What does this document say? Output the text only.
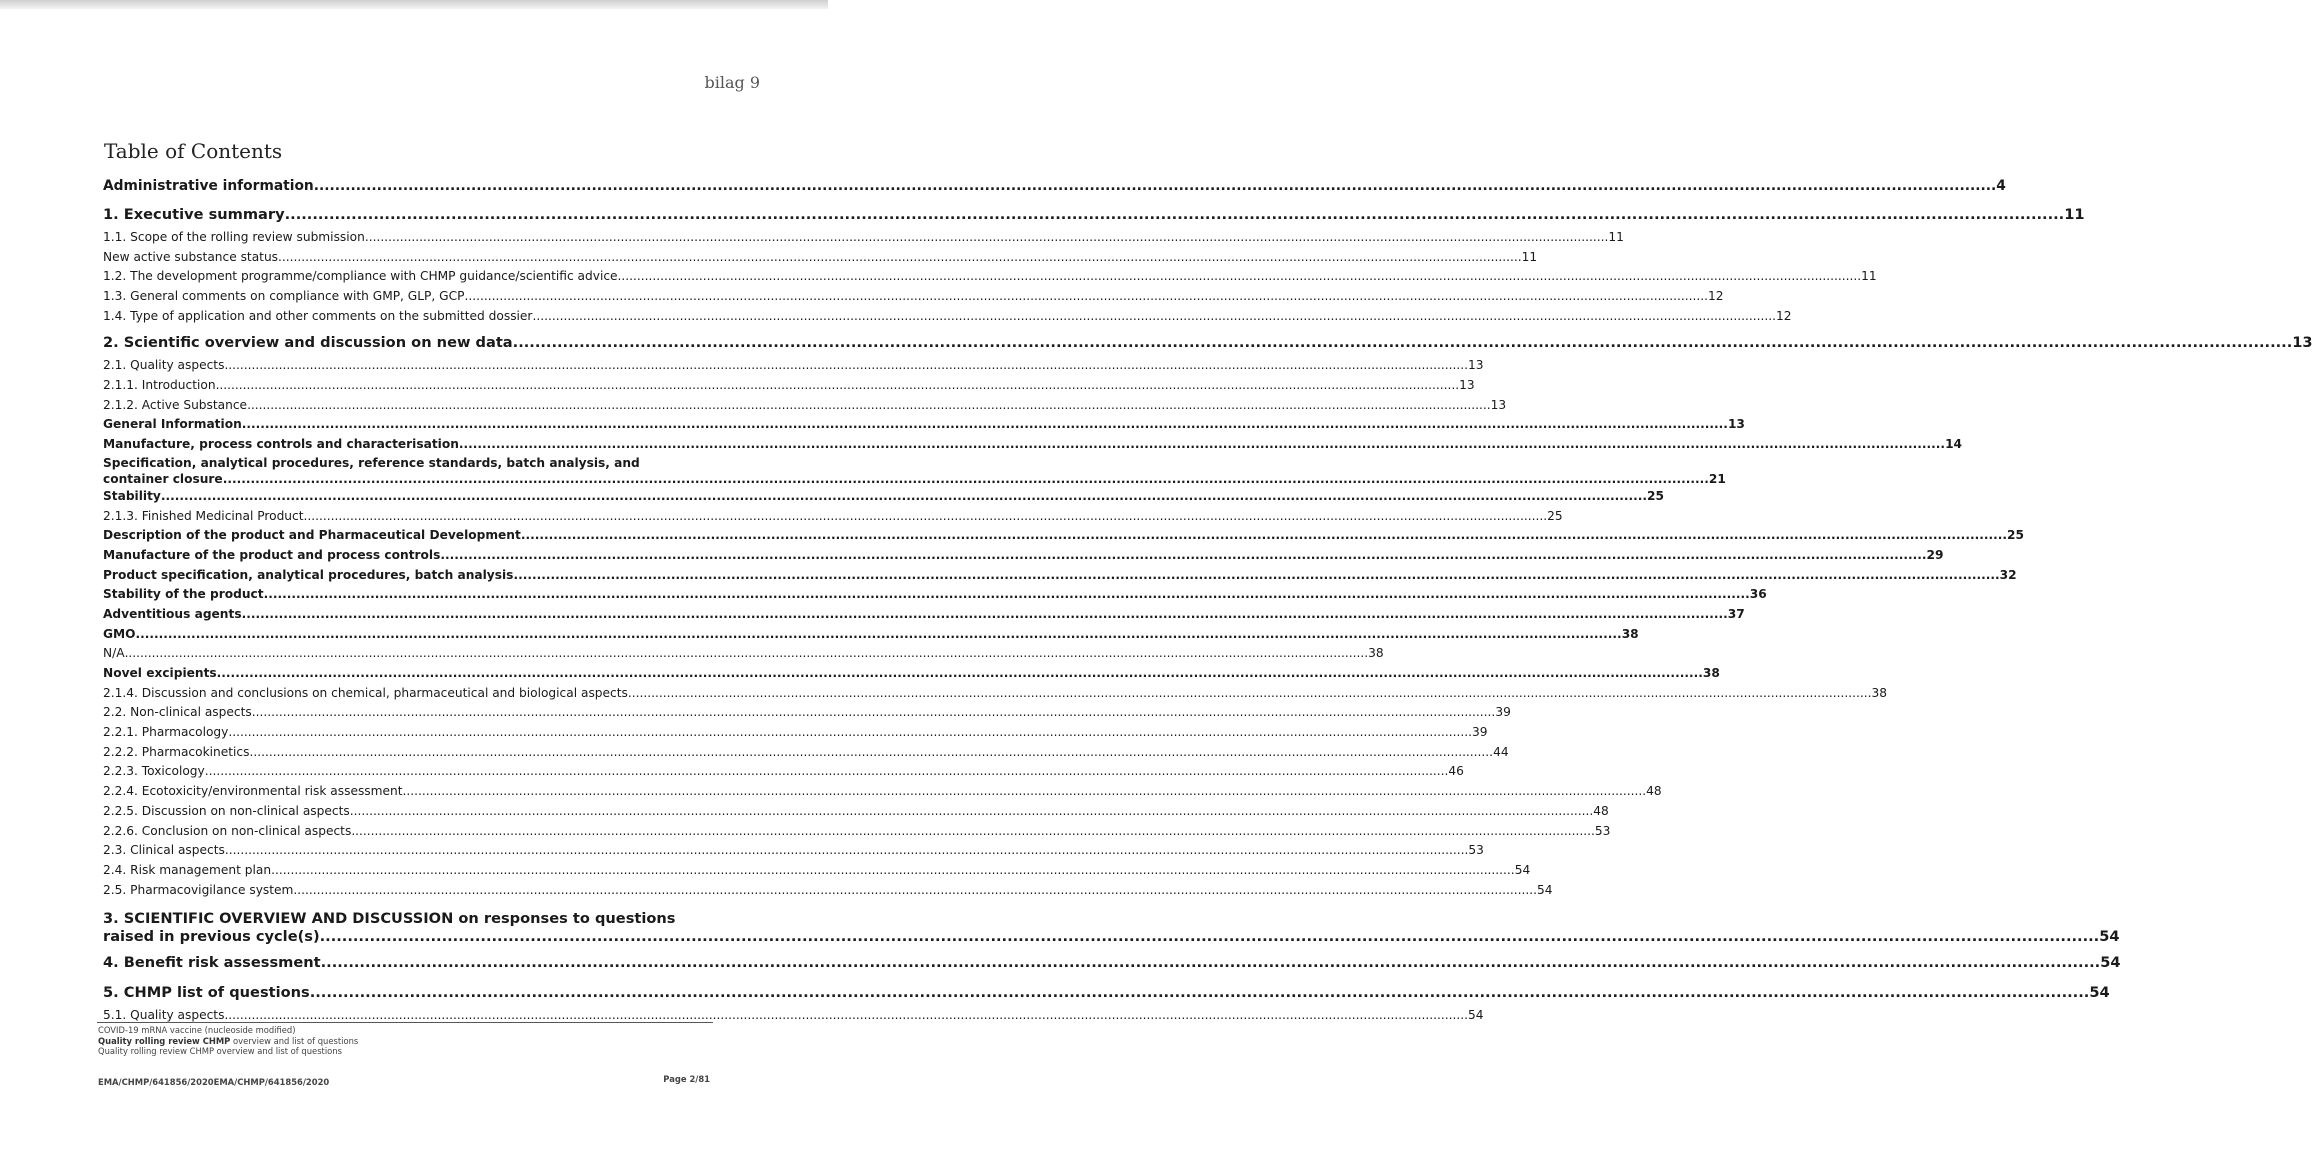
bilag 9
Table of Contents
Administrative information .....	4
1. Executive summary .....	11
1.1. Scope of the rolling review submission .....	11
New active substance status .....	11
1.2. The development programme/compliance with CHMP guidance/scientific advice .....	11
1.3. General comments on compliance with GMP, GLP, GCP .....	12
1.4. Type of application and other comments on the submitted dossier .....	12
2. Scientific overview and discussion on new data .....	13
2.1. Quality aspects .....	13
2.1.1. Introduction .....	13
2.1.2. Active Substance .....	13
General Information .....	13
Manufacture, process controls and characterisation .....	14
Specification, analytical procedures, reference standards, batch analysis, and
container closure .....	21
Stability .....	25
2.1.3. Finished Medicinal Product .....	25
Description of the product and Pharmaceutical Development .....	25
Manufacture of the product and process controls .....	29
Product specification, analytical procedures, batch analysis .....	32
Stability of the product .....	36
Adventitious agents .....	37
GMO .....	38
N/A .....	38
Novel excipients .....	38
2.1.4. Discussion and conclusions on chemical, pharmaceutical and biological aspects .....	38
2.2. Non-clinical aspects .....	39
2.2.1. Pharmacology .....	39
2.2.2. Pharmacokinetics .....	44
2.2.3. Toxicology .....	46
2.2.4. Ecotoxicity/environmental risk assessment .....	48
2.2.5. Discussion on non-clinical aspects .....	48
2.2.6. Conclusion on non-clinical aspects .....	53
2.3. Clinical aspects .....	53
2.4. Risk management plan .....	54
2.5. Pharmacovigilance system .....	54
3. SCIENTIFIC OVERVIEW AND DISCUSSION on responses to questions
raised in previous cycle(s) .....	54
4. Benefit risk assessment .....	54
5. CHMP list of questions .....	54
5.1. Quality aspects .....	54
COVID-19 mRNA vaccine (nucleoside modified)
Quality rolling review CHMP overview and list of questions
Quality rolling review CHMP overview and list of questions
EMA/CHMP/641856/2020EMA/CHMP/641856/2020	Page 2/81
